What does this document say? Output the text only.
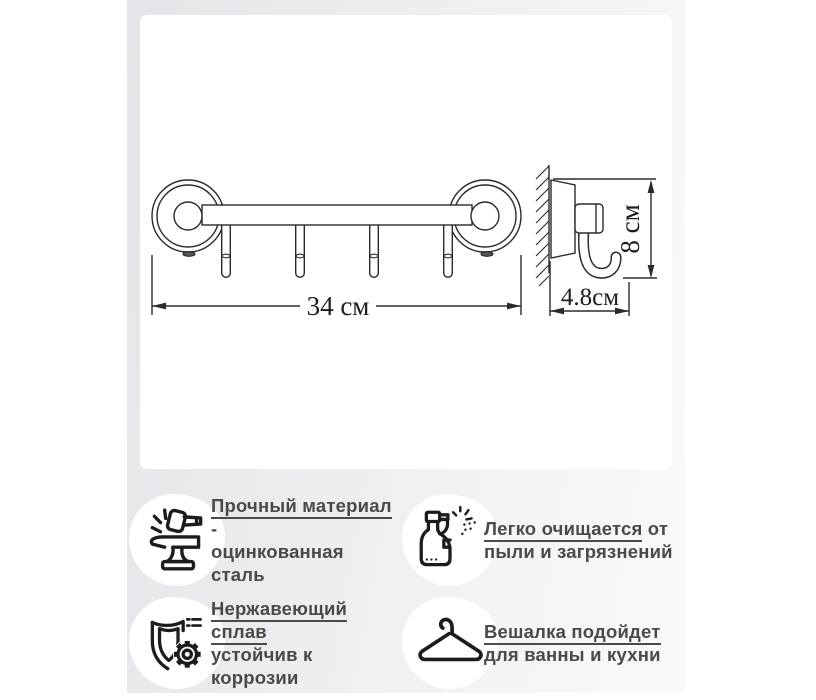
34 см
8 см
4.8см
Прочный материал -
оцинкованная сталь
Легко очищается от
пыли и загрязнений
Нержавеющий сплав
устойчив к коррозии
Вешалка подойдет
для ванны и кухни
